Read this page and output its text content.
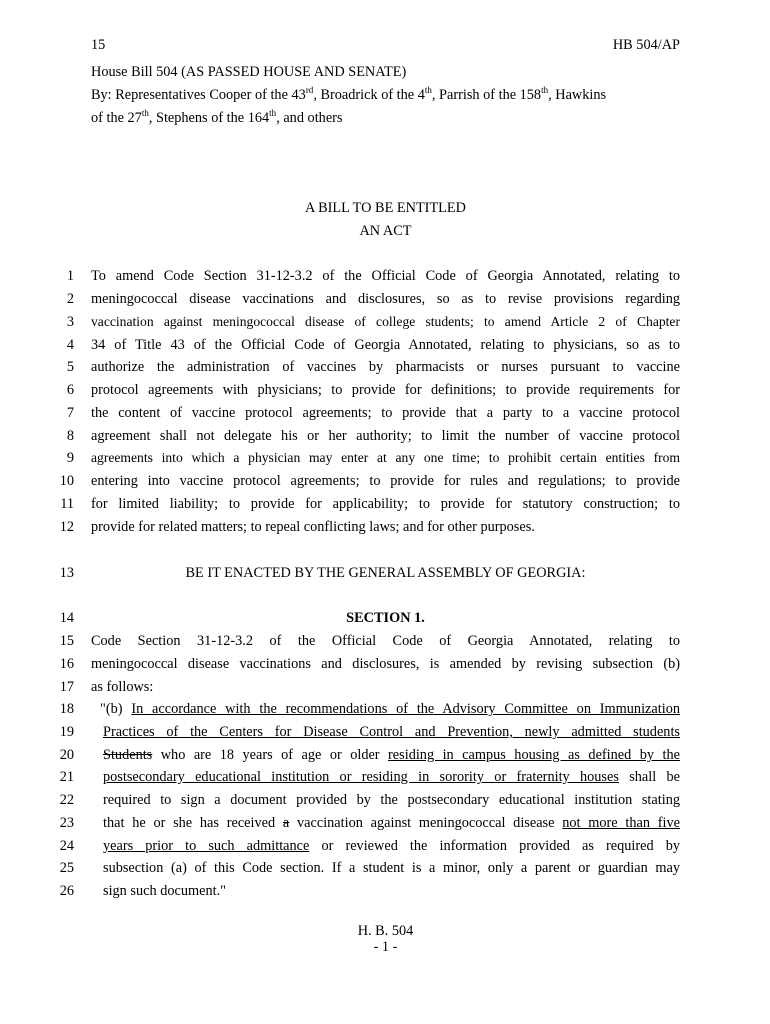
15	HB 504/AP
House Bill 504 (AS PASSED HOUSE AND SENATE)
By: Representatives Cooper of the 43rd, Broadrick of the 4th, Parrish of the 158th, Hawkins
of the 27th, Stephens of the 164th, and others
A BILL TO BE ENTITLED
AN ACT
1 To amend Code Section 31-12-3.2 of the Official Code of Georgia Annotated, relating to
2 meningococcal disease vaccinations and disclosures, so as to revise provisions regarding
3 vaccination against meningococcal disease of college students; to amend Article 2 of Chapter
4 34 of Title 43 of the Official Code of Georgia Annotated, relating to physicians, so as to
5 authorize the administration of vaccines by pharmacists or nurses pursuant to vaccine
6 protocol agreements with physicians; to provide for definitions; to provide requirements for
7 the content of vaccine protocol agreements; to provide that a party to a vaccine protocol
8 agreement shall not delegate his or her authority; to limit the number of vaccine protocol
9 agreements into which a physician may enter at any one time; to prohibit certain entities from
10 entering into vaccine protocol agreements; to provide for rules and regulations; to provide
11 for limited liability; to provide for applicability; to provide for statutory construction; to
12 provide for related matters; to repeal conflicting laws; and for other purposes.
13	BE IT ENACTED BY THE GENERAL ASSEMBLY OF GEORGIA:
14	SECTION 1.
15 Code Section 31-12-3.2 of the Official Code of Georgia Annotated, relating to
16 meningococcal disease vaccinations and disclosures, is amended by revising subsection (b)
17 as follows:
18 "(b) In accordance with the recommendations of the Advisory Committee on Immunization
19 Practices of the Centers for Disease Control and Prevention, newly admitted students
20 Students who are 18 years of age or older residing in campus housing as defined by the
21 postsecondary educational institution or residing in sorority or fraternity houses shall be
22 required to sign a document provided by the postsecondary educational institution stating
23 that he or she has received a vaccination against meningococcal disease not more than five
24 years prior to such admittance or reviewed the information provided as required by
25 subsection (a) of this Code section. If a student is a minor, only a parent or guardian may
26 sign such document."
H. B. 504
- 1 -
